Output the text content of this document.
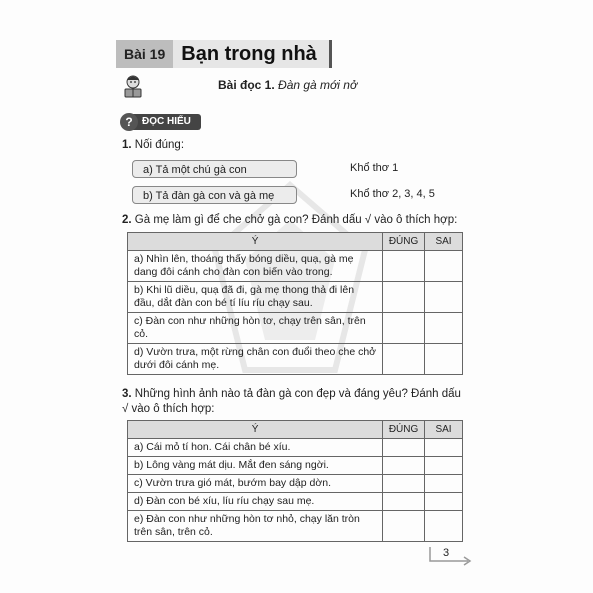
Bài 19 Bạn trong nhà
Bài đọc 1. Đàn gà mới nở
? ĐỌC HIỂU
1. Nối đúng:
a) Tả một chú gà con
b) Tả đàn gà con và gà mẹ
Khổ thơ 1
Khổ thơ 2, 3, 4, 5
2. Gà mẹ làm gì để che chở gà con? Đánh dấu √ vào ô thích hợp:
Ý	ĐÚNG	SAI
a) Nhìn lên, thoáng thấy bóng diều, quạ, gà mẹ dang đôi cánh cho đàn con biến vào trong.		
b) Khi lũ diều, quạ đã đi, gà mẹ thong thả đi lên đầu, dắt đàn con bé tí líu ríu chạy sau.		
c) Đàn con như những hòn tơ, chạy trên sân, trên cỏ.		
d) Vườn trưa, một rừng chân con đuổi theo che chở dưới đôi cánh mẹ.		
3. Những hình ảnh nào tả đàn gà con đẹp và đáng yêu? Đánh dấu √ vào ô thích hợp:
Ý	ĐÚNG	SAI
a) Cái mỏ tí hon. Cái chân bé xíu.		
b) Lông vàng mát dịu. Mắt đen sáng ngời.		
c) Vườn trưa gió mát, bướm bay dập dờn.		
d) Đàn con bé xíu, líu ríu chạy sau mẹ.		
e) Đàn con như những hòn tơ nhỏ, chạy lăn tròn trên sân, trên cỏ.		
3
